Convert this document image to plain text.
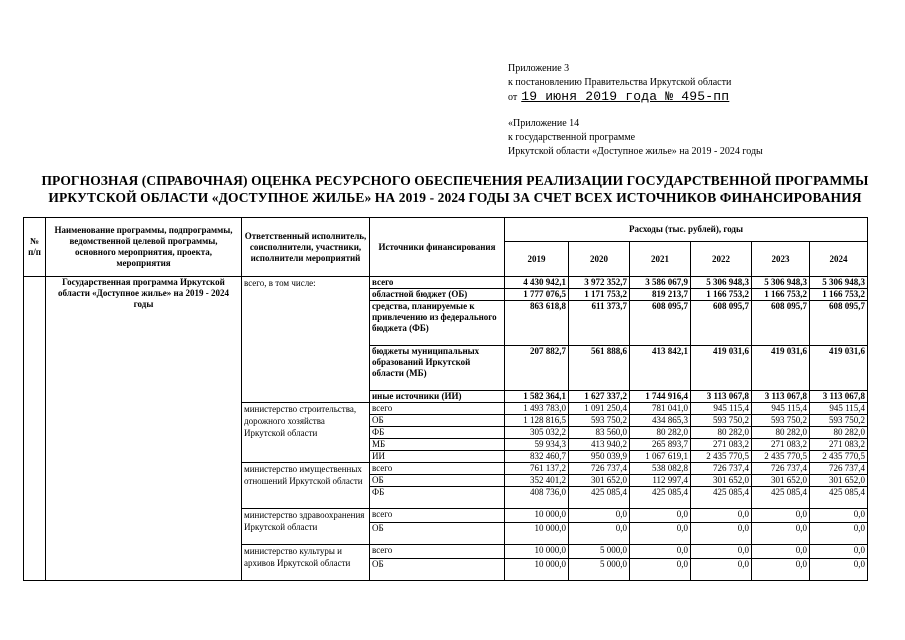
Приложение 3
к постановлению Правительства Иркутской области
от 19 июня 2019 года № 495-пп
«Приложение 14
к государственной программе
Иркутской области «Доступное жилье» на 2019 - 2024 годы
ПРОГНОЗНАЯ (СПРАВОЧНАЯ) ОЦЕНКА РЕСУРСНОГО ОБЕСПЕЧЕНИЯ РЕАЛИЗАЦИИ ГОСУДАРСТВЕННОЙ ПРОГРАММЫ
ИРКУТСКОЙ ОБЛАСТИ «ДОСТУПНОЕ ЖИЛЬЕ» НА 2019 - 2024 ГОДЫ ЗА СЧЕТ ВСЕХ ИСТОЧНИКОВ ФИНАНСИРОВАНИЯ
№ п/п	Наименование программы, подпрограммы, ведомственной целевой программы, основного мероприятия, проекта, мероприятия	Ответственный исполнитель, соисполнители, участники, исполнители мероприятий	Источники финансирования	Расходы (тыс. рублей), годы					
				2019	2020	2021	2022	2023	2024
	Государственная программа Иркутской области «Доступное жилье» на 2019 - 2024 годы	всего, в том числе:	всего	4 430 942,1	3 972 352,7	3 586 067,9	5 306 948,3	5 306 948,3	5 306 948,3
			областной бюджет (ОБ)	1 777 076,5	1 171 753,2	819 213,7	1 166 753,2	1 166 753,2	1 166 753,2
			средства, планируемые к привлечению из федерального бюджета (ФБ)	863 618,8	611 373,7	608 095,7	608 095,7	608 095,7	608 095,7
			бюджеты муниципальных образований Иркутской области (МБ)	207 882,7	561 888,6	413 842,1	419 031,6	419 031,6	419 031,6
			иные источники (ИИ)	1 582 364,1	1 627 337,2	1 744 916,4	3 113 067,8	3 113 067,8	3 113 067,8
		министерство строительства, дорожного хозяйства Иркутской области	всего	1 493 783,0	1 091 250,4	781 041,0	945 115,4	945 115,4	945 115,4
			ОБ	1 128 816,5	593 750,2	434 865,3	593 750,2	593 750,2	593 750,2
			ФБ	305 032,2	83 560,0	80 282,0	80 282,0	80 282,0	80 282,0
			МБ	59 934,3	413 940,2	265 893,7	271 083,2	271 083,2	271 083,2
			ИИ	832 460,7	950 039,9	1 067 619,1	2 435 770,5	2 435 770,5	2 435 770,5
		министерство имущественных отношений Иркутской области	всего	761 137,2	726 737,4	538 082,8	726 737,4	726 737,4	726 737,4
			ОБ	352 401,2	301 652,0	112 997,4	301 652,0	301 652,0	301 652,0
			ФБ	408 736,0	425 085,4	425 085,4	425 085,4	425 085,4	425 085,4
		министерство здравоохранения Иркутской области	всего	10 000,0	0,0	0,0	0,0	0,0	0,0
			ОБ	10 000,0	0,0	0,0	0,0	0,0	0,0
		министерство культуры и архивов Иркутской области	всего	10 000,0	5 000,0	0,0	0,0	0,0	0,0
			ОБ	10 000,0	5 000,0	0,0	0,0	0,0	0,0
